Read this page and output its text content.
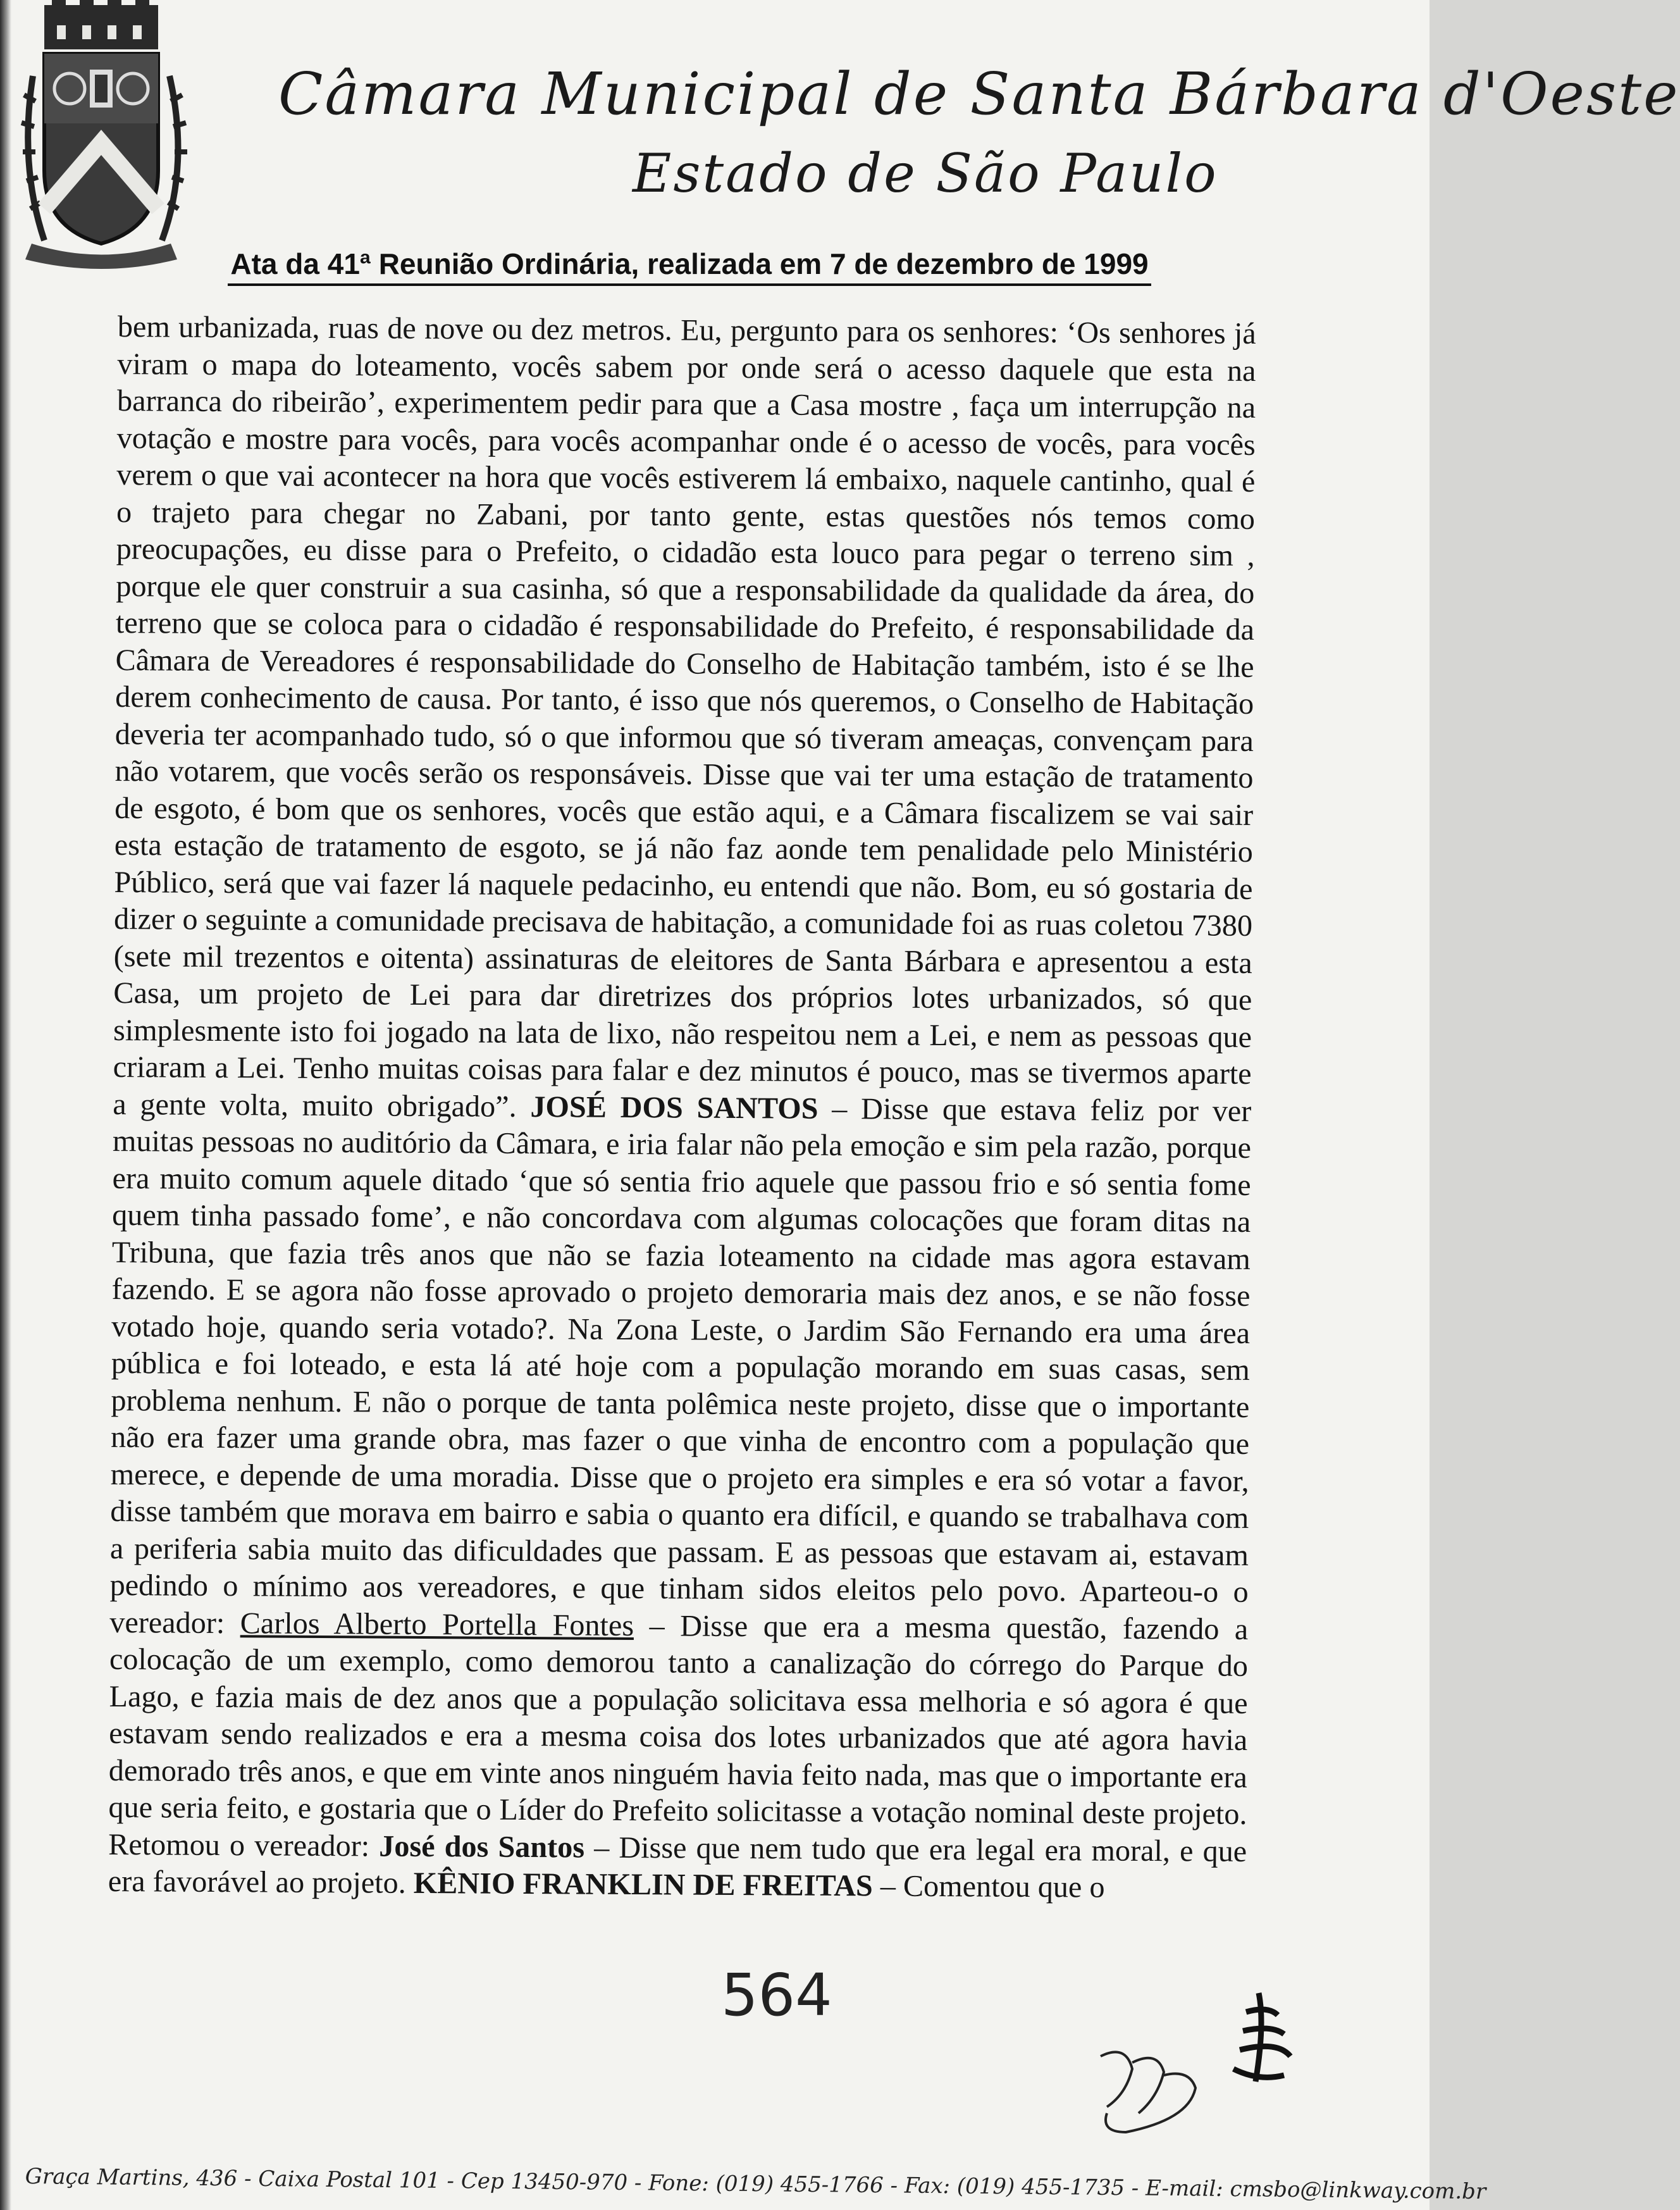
Câmara Municipal de Santa Bárbara d'Oeste
Estado de São Paulo
Ata da 41ª Reunião Ordinária, realizada em 7 de dezembro de 1999

bem urbanizada, ruas de nove ou dez metros. Eu, pergunto para os senhores: ‘Os senhores já viram o mapa do loteamento, vocês sabem por onde será o acesso daquele que esta na barranca do ribeirão’, experimentem pedir para que a Casa mostre , faça um interrupção na votação e mostre para vocês, para vocês acompanhar onde é o acesso de vocês, para vocês verem o que vai acontecer na hora que vocês estiverem lá embaixo, naquele cantinho, qual é o trajeto para chegar no Zabani, por tanto gente, estas questões nós temos como preocupações, eu disse para o Prefeito, o cidadão esta louco para pegar o terreno sim , porque ele quer construir a sua casinha, só que a responsabilidade da qualidade da área, do terreno que se coloca para o cidadão é responsabilidade do Prefeito, é responsabilidade da Câmara de Vereadores é responsabilidade do Conselho de Habitação também, isto é se lhe derem conhecimento de causa. Por tanto, é isso que nós queremos, o Conselho de Habitação deveria ter acompanhado tudo, só o que informou que só tiveram ameaças, convençam para não votarem, que vocês serão os responsáveis. Disse que vai ter uma estação de tratamento de esgoto, é bom que os senhores, vocês que estão aqui, e a Câmara fiscalizem se vai sair esta estação de tratamento de esgoto, se já não faz aonde tem penalidade pelo Ministério Público, será que vai fazer lá naquele pedacinho, eu entendi que não. Bom, eu só gostaria de dizer o seguinte a comunidade precisava de habitação, a comunidade foi as ruas coletou 7380 (sete mil trezentos e oitenta) assinaturas de eleitores de Santa Bárbara e apresentou a esta Casa, um projeto de Lei para dar diretrizes dos próprios lotes urbanizados, só que simplesmente isto foi jogado na lata de lixo, não respeitou nem a Lei, e nem as pessoas que criaram a Lei. Tenho muitas coisas para falar e dez minutos é pouco, mas se tivermos aparte a gente volta, muito obrigado”. JOSÉ DOS SANTOS – Disse que estava feliz por ver muitas pessoas no auditório da Câmara, e iria falar não pela emoção e sim pela razão, porque era muito comum aquele ditado ‘que só sentia frio aquele que passou frio e só sentia fome quem tinha passado fome’, e não concordava com algumas colocações que foram ditas na Tribuna, que fazia três anos que não se fazia loteamento na cidade mas agora estavam fazendo. E se agora não fosse aprovado o projeto demoraria mais dez anos, e se não fosse votado hoje, quando seria votado?. Na Zona Leste, o Jardim São Fernando era uma área pública e foi loteado, e esta lá até hoje com a população morando em suas casas, sem problema nenhum. E não o porque de tanta polêmica neste projeto, disse que o importante não era fazer uma grande obra, mas fazer o que vinha de encontro com a população que merece, e depende de uma moradia. Disse que o projeto era simples e era só votar a favor, disse também que morava em bairro e sabia o quanto era difícil, e quando se trabalhava com a periferia sabia muito das dificuldades que passam. E as pessoas que estavam ai, estavam pedindo o mínimo aos vereadores, e que tinham sidos eleitos pelo povo. Aparteou-o o vereador: Carlos Alberto Portella Fontes – Disse que era a mesma questão, fazendo a colocação de um exemplo, como demorou tanto a canalização do córrego do Parque do Lago, e fazia mais de dez anos que a população solicitava essa melhoria e só agora é que estavam sendo realizados e era a mesma coisa dos lotes urbanizados que até agora havia demorado três anos, e que em vinte anos ninguém havia feito nada, mas que o importante era que seria feito, e gostaria que o Líder do Prefeito solicitasse a votação nominal deste projeto. Retomou o vereador: José dos Santos – Disse que nem tudo que era legal era moral, e que era favorável ao projeto. KÊNIO FRANKLIN DE FREITAS – Comentou que o

564
Graça Martins, 436 - Caixa Postal 101 - Cep 13450-970 - Fone: (019) 455-1766 - Fax: (019) 455-1735 - E-mail: cmsbo@linkway.com.br
